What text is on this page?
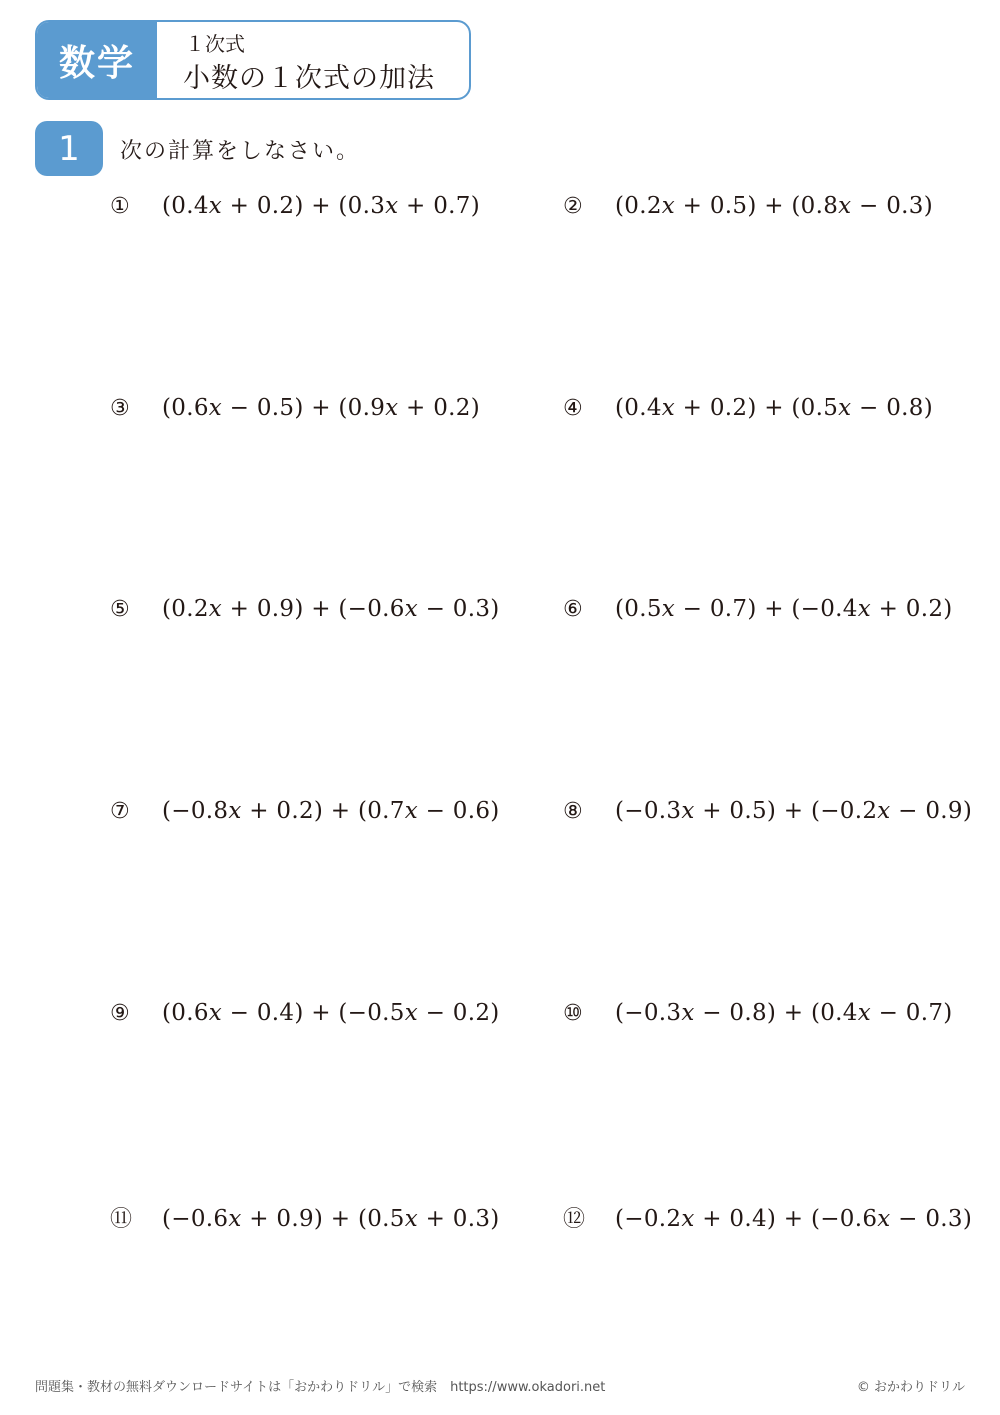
数学	１次式
小数の１次式の加法
1	次の計算をしなさい。
①	(0.4x + 0.2) + (0.3x + 0.7)	②	(0.2x + 0.5) + (0.8x − 0.3)
③	(0.6x − 0.5) + (0.9x + 0.2)	④	(0.4x + 0.2) + (0.5x − 0.8)
⑤	(0.2x + 0.9) + (−0.6x − 0.3)	⑥	(0.5x − 0.7) + (−0.4x + 0.2)
⑦	(−0.8x + 0.2) + (0.7x − 0.6)	⑧	(−0.3x + 0.5) + (−0.2x − 0.9)
⑨	(0.6x − 0.4) + (−0.5x − 0.2)	⑩	(−0.3x − 0.8) + (0.4x − 0.7)
⑪	(−0.6x + 0.9) + (0.5x + 0.3)	⑫	(−0.2x + 0.4) + (−0.6x − 0.3)
問題集・教材の無料ダウンロードサイトは「おかわりドリル」で検索　https://www.okadori.net	© おかわりドリル
